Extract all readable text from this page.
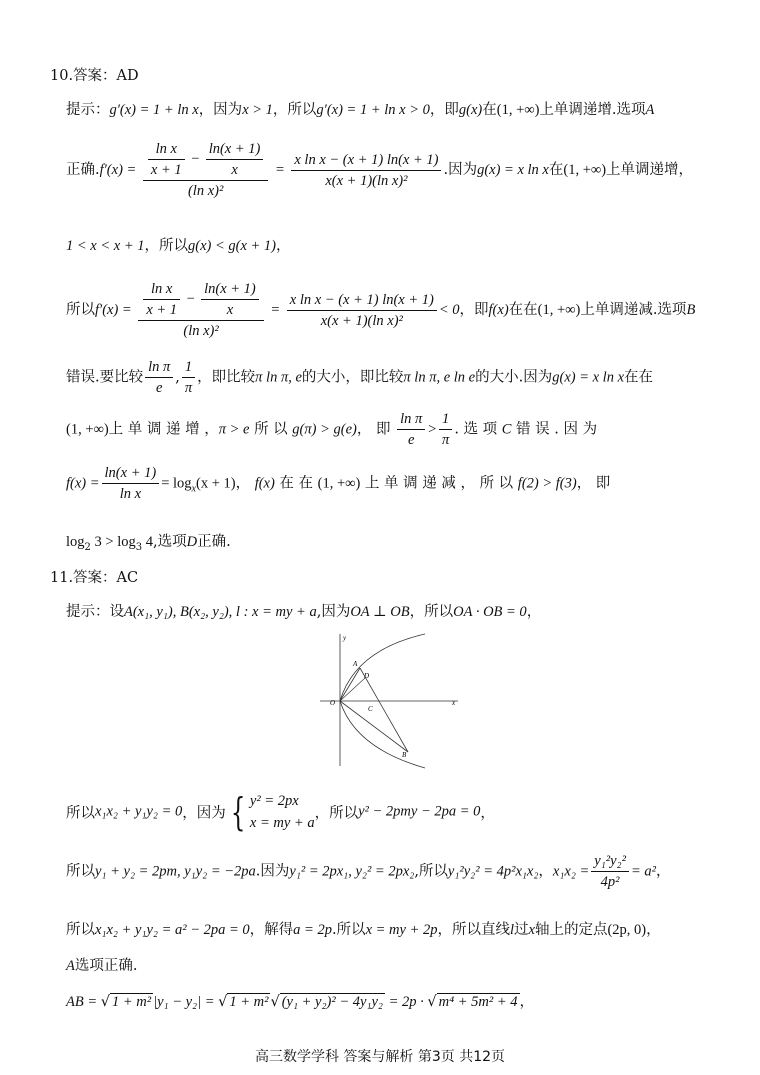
10.答案：AD
提示：g′(x) = 1 + ln x，因为x > 1，所以g′(x) = 1 + ln x > 0，即g(x)在(1, +∞)上单调递增.选项A
正确$.f'(x) = \frac{\frac{\text{ln x}}{x + 1} - \frac{\ln(x + 1)}{x}}{\text{(ln x)²}} = \frac{\text{x ln x − (x + 1) ln(x + 1)}}{\text{x(x + 1)(ln x)²}}$ .因为g(x) = x ln x在(1, +∞)上单调递增，
1 < x < x + 1，所以g(x) < g(x + 1)，
所以$f'(x) = \frac{\frac{\text{ln x}}{x + 1} - \frac{\ln(x + 1)}{x}}{\text{(ln x)²}} = \frac{\text{x ln x − (x + 1) ln(x + 1)}}{\text{x(x + 1)(ln x)²}} < 0$，即f(x)在在(1, +∞)上单调递减.选项B
错误.要比较 $\frac{\text{ln π}}{e}$ , $\frac{1}{\pi}$ ，即比较π ln π, e的大小，即比较π ln π, e ln e的大小.因为g(x) = x ln x在在
(1, +∞)上 单 调 递 增 ，π > e 所 以 g(π) > g(e)， 即 $\frac{\text{ln π}}{e} > \frac{1}{\pi}$ . 选 项 C 错 误 . 因 为
$f(x) = \frac{\ln(x + 1)}{\text{ln x}} = \log_x(x + 1)$， f(x) 在 在 (1, +∞) 上 单 调 递 减 ， 所 以 f(2) > f(3)， 即
$\log_2 3 > \log_3 4$,选项D正确.
11.答案：AC
提示：设A(x₁, y₁), B(x₂, y₂), l : x = my + a,因为OA ⊥ OB，所以OA · OB = 0，
y
x
A
D
O
C
B
所以x₁x₂ + y₁y₂ = 0，因为 { y² = 2px
x = my + a
，所以y² − 2pmy − 2pa = 0，
所以y₁ + y₂ = 2pm, y₁y₂ = −2pa.因为y₁² = 2px₁, y₂² = 2px₂,所以y₁²y₂² = 4p²x₁x₂，$x_1x_2 = \frac{\text{y₁²y₂²}}{\text{4p²}} = a^2$，
所以x₁x₂ + y₁y₂ = a² − 2pa = 0，解得a = 2p.所以x = my + 2p，所以直线l过x轴上的定点(2p, 0)，
A选项正确.
AB = √ 1 + m² |y₁ − y₂| = √ 1 + m² √ (y₁ + y₂)² − 4y₁y₂ = 2p · √ m⁴ + 5m² + 4 ，
高三数学学科 答案与解析 第3页 共12页
